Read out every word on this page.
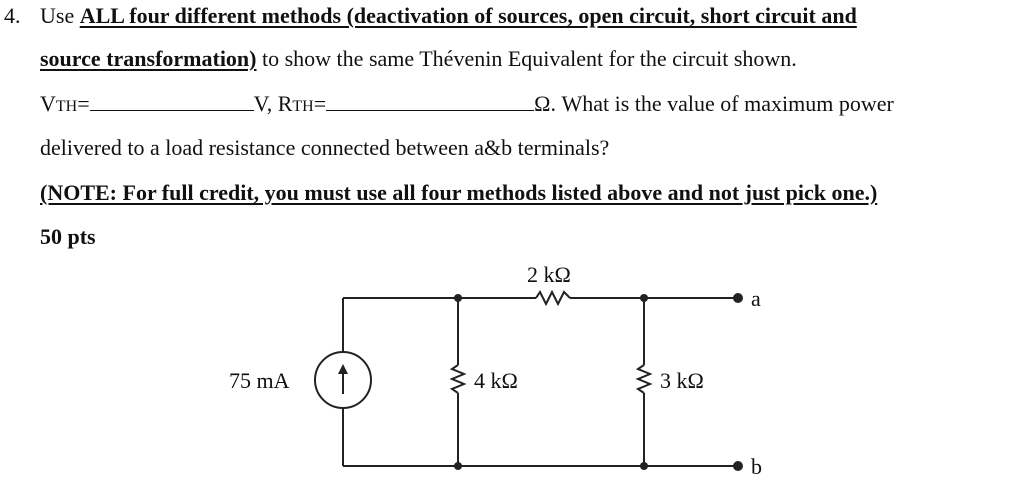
4. Use ALL four different methods (deactivation of sources, open circuit, short circuit and
source transformation) to show the same Thévenin Equivalent for the circuit shown.
VTH=	V, RTH=	Ω. What is the value of maximum power
delivered to a load resistance connected between a&b terminals?
(NOTE: For full credit, you must use all four methods listed above and not just pick one.)
50 pts
75 mA
2 kΩ
4 kΩ	3 kΩ
a
b
